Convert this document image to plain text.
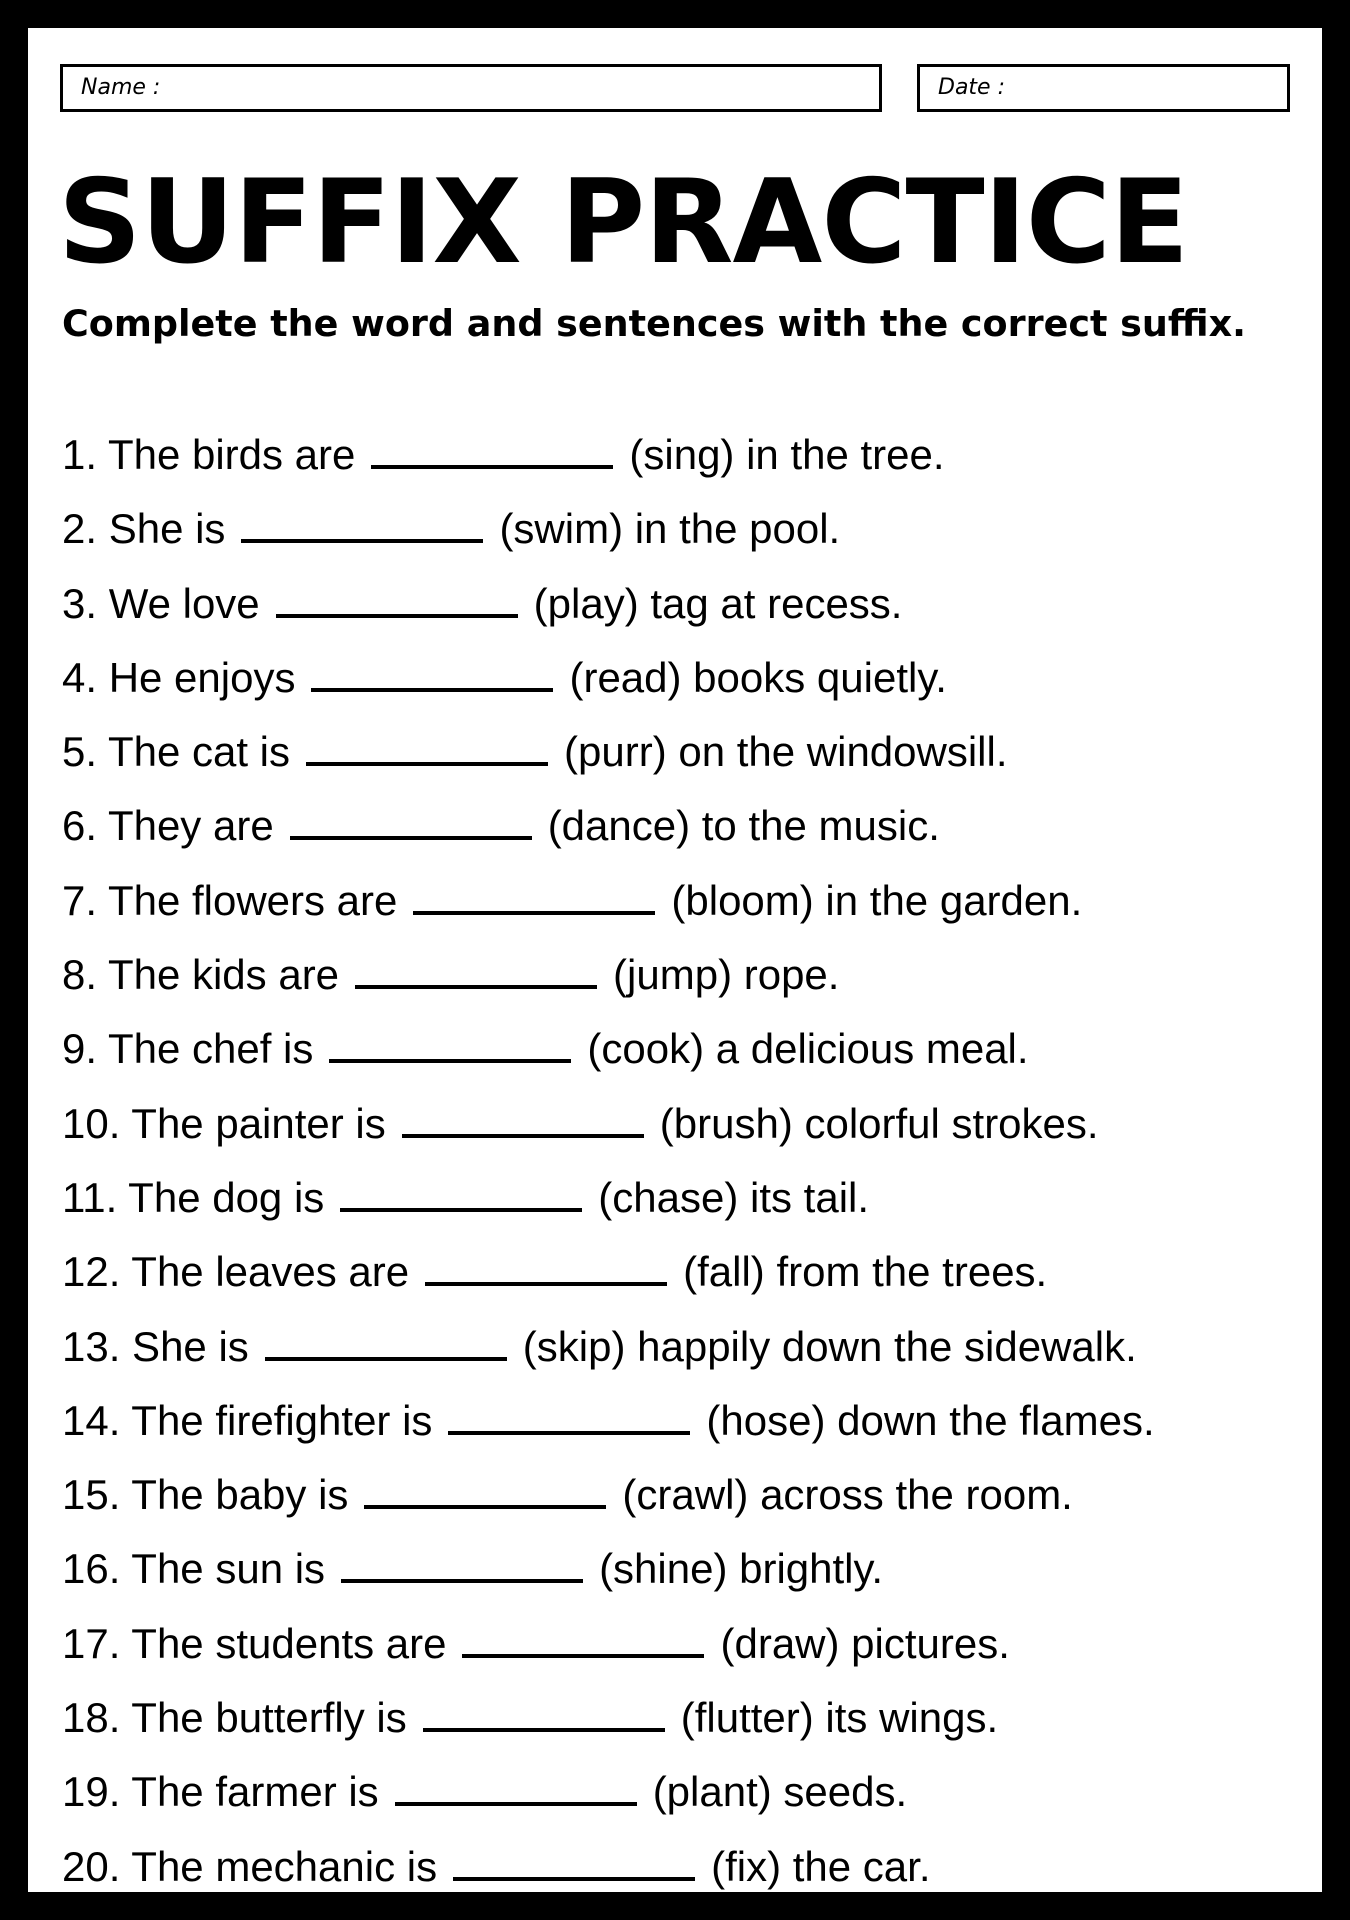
Name :	Date :
SUFFIX PRACTICE

Complete the word and sentences with the correct suffix.

1. The birds are	(sing) in the tree.
2. She is	(swim) in the pool.
3. We love	(play) tag at recess.
4. He enjoys	(read) books quietly.
5. The cat is	(purr) on the windowsill.
6. They are	(dance) to the music.
7. The flowers are	(bloom) in the garden.
8. The kids are	(jump) rope.
9. The chef is	(cook) a delicious meal.
10. The painter is	(brush) colorful strokes.
11. The dog is	(chase) its tail.
12. The leaves are	(fall) from the trees.
13. She is	(skip) happily down the sidewalk.
14. The firefighter is	(hose) down the flames.
15. The baby is	(crawl) across the room.
16. The sun is	(shine) brightly.
17. The students are	(draw) pictures.
18. The butterfly is	(flutter) its wings.
19. The farmer is	(plant) seeds.
20. The mechanic is	(fix) the car.
